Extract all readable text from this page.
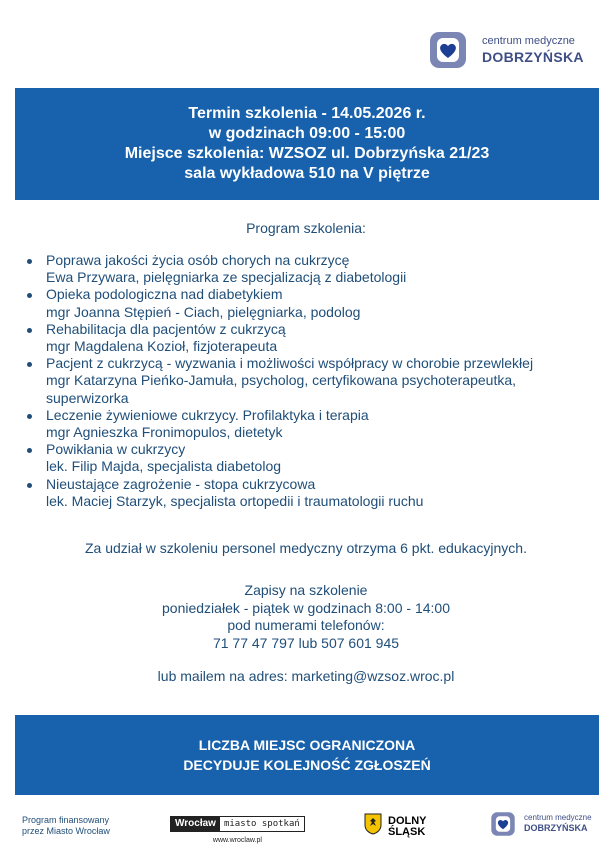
centrum medyczne
DOBRZYŃSKA
Termin szkolenia - 14.05.2026 r.
w godzinach 09:00 - 15:00
Miejsce szkolenia: WZSOZ ul. Dobrzyńska 21/23
sala wykładowa 510 na V piętrze
Program szkolenia:
Poprawa jakości życia osób chorych na cukrzycę
Ewa Przywara, pielęgniarka ze specjalizacją z diabetologii
Opieka podologiczna nad diabetykiem
mgr Joanna Stępień - Ciach, pielęgniarka, podolog
Rehabilitacja dla pacjentów z cukrzycą
mgr Magdalena Kozioł, fizjoterapeuta
Pacjent z cukrzycą - wyzwania i możliwości współpracy w chorobie przewlekłej
mgr Katarzyna Pieńko-Jamuła, psycholog, certyfikowana psychoterapeutka, superwizorka
Leczenie żywieniowe cukrzycy. Profilaktyka i terapia
mgr Agnieszka Fronimopulos, dietetyk
Powikłania w cukrzycy
lek. Filip Majda, specjalista diabetolog
Nieustające zagrożenie - stopa cukrzycowa
lek. Maciej Starzyk, specjalista ortopedii i traumatologii ruchu
Za udział w szkoleniu personel medyczny otrzyma 6 pkt. edukacyjnych.
Zapisy na szkolenie
poniedziałek - piątek w godzinach 8:00 - 14:00
pod numerami telefonów:
71 77 47 797 lub 507 601 945
lub mailem na adres: marketing@wzsoz.wroc.pl
LICZBA MIEJSC OGRANICZONA
DECYDUJE KOLEJNOŚĆ ZGŁOSZEŃ
Program finansowany
przez Miasto Wrocław
Wrocław miasto spotkań
www.wroclaw.pl
DOLNY
ŚLĄSK
centrum medyczne
DOBRZYŃSKA
